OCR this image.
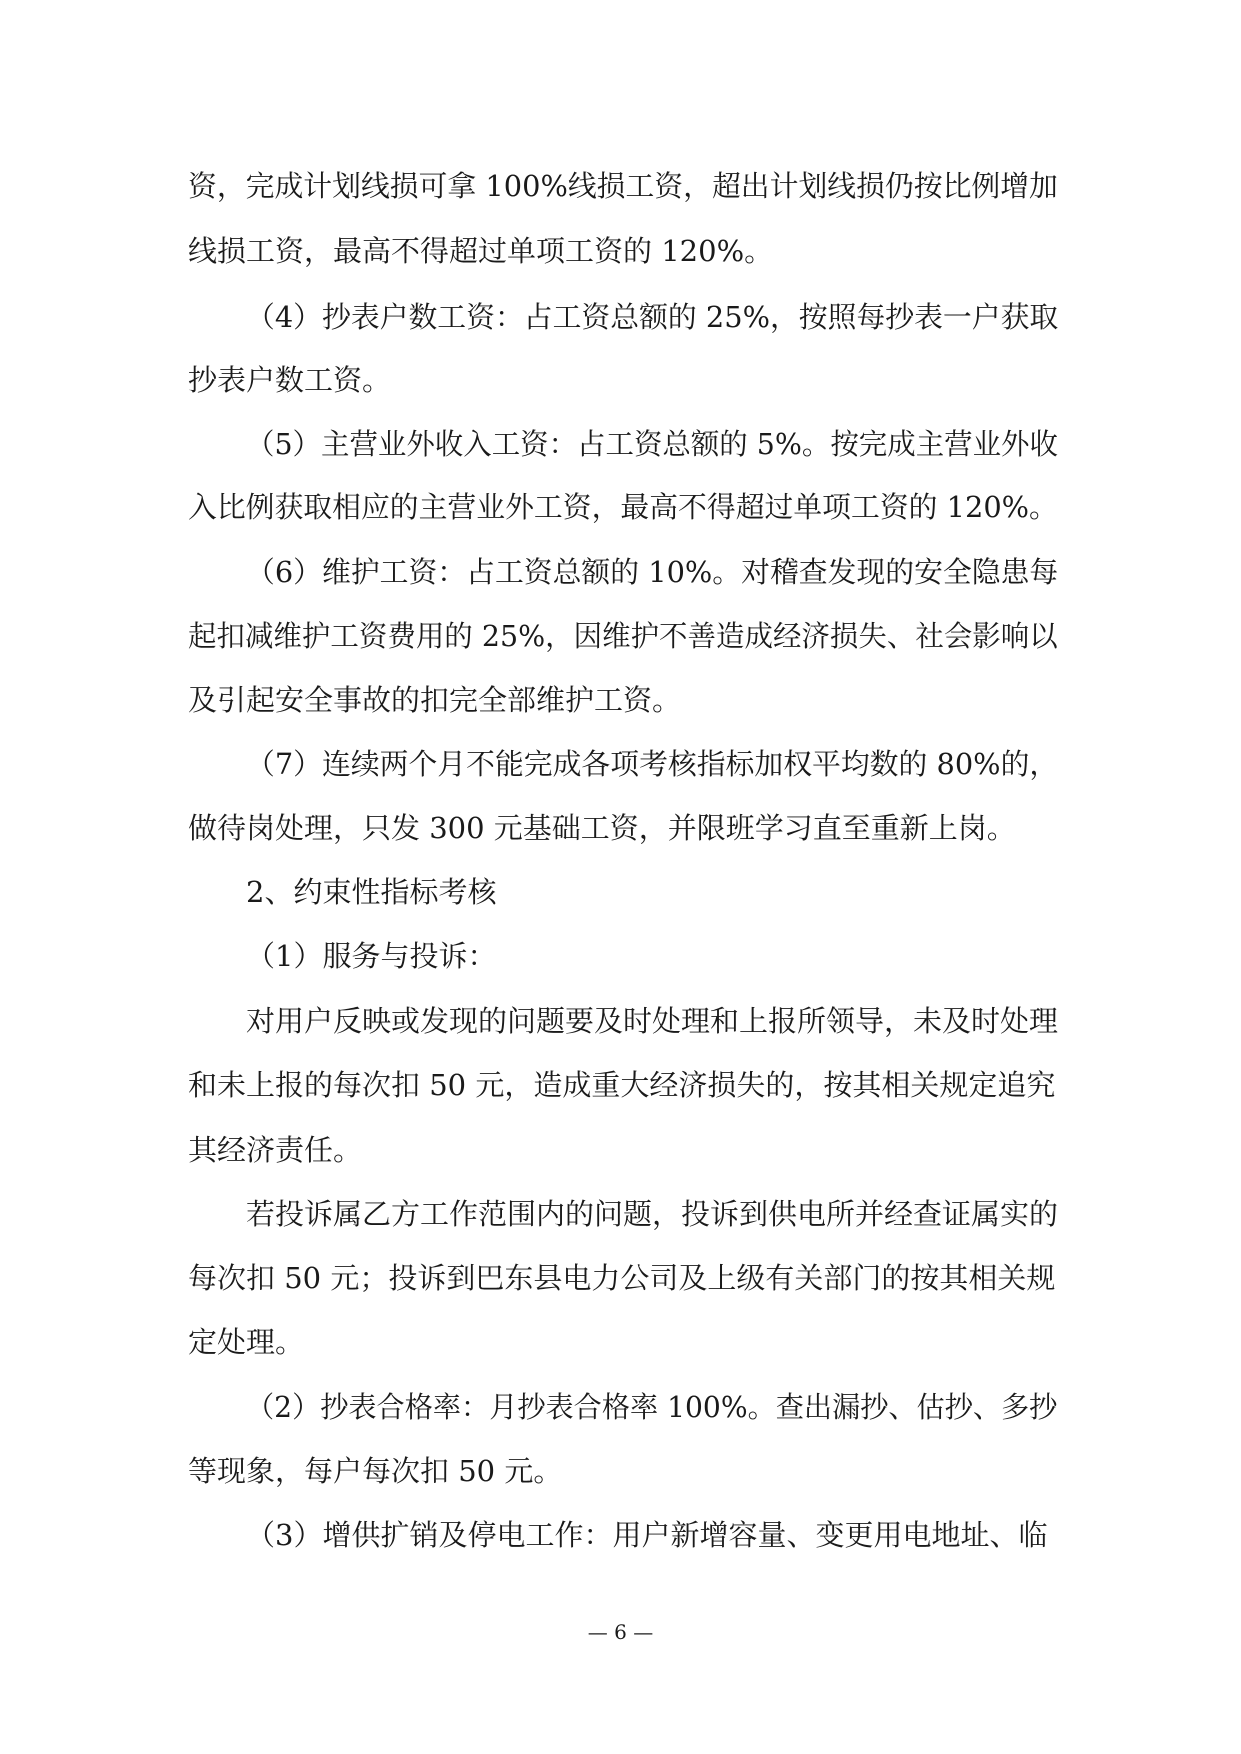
资，完成计划线损可拿 100%线损工资，超出计划线损仍按比例增加
线损工资，最高不得超过单项工资的 120%。
（4）抄表户数工资：占工资总额的 25%，按照每抄表一户获取
抄表户数工资。
（5）主营业外收入工资：占工资总额的 5%。按完成主营业外收
入比例获取相应的主营业外工资，最高不得超过单项工资的 120%。
（6）维护工资：占工资总额的 10%。对稽查发现的安全隐患每
起扣减维护工资费用的 25%，因维护不善造成经济损失、社会影响以
及引起安全事故的扣完全部维护工资。
（7）连续两个月不能完成各项考核指标加权平均数的 80%的，
做待岗处理，只发 300 元基础工资，并限班学习直至重新上岗。
2、约束性指标考核
（1）服务与投诉：
对用户反映或发现的问题要及时处理和上报所领导，未及时处理
和未上报的每次扣 50 元，造成重大经济损失的，按其相关规定追究
其经济责任。
若投诉属乙方工作范围内的问题，投诉到供电所并经查证属实的
每次扣 50 元；投诉到巴东县电力公司及上级有关部门的按其相关规
定处理。
（2）抄表合格率：月抄表合格率 100%。查出漏抄、估抄、多抄
等现象，每户每次扣 50 元。
（3）增供扩销及停电工作：用户新增容量、变更用电地址、临
— 6 —
